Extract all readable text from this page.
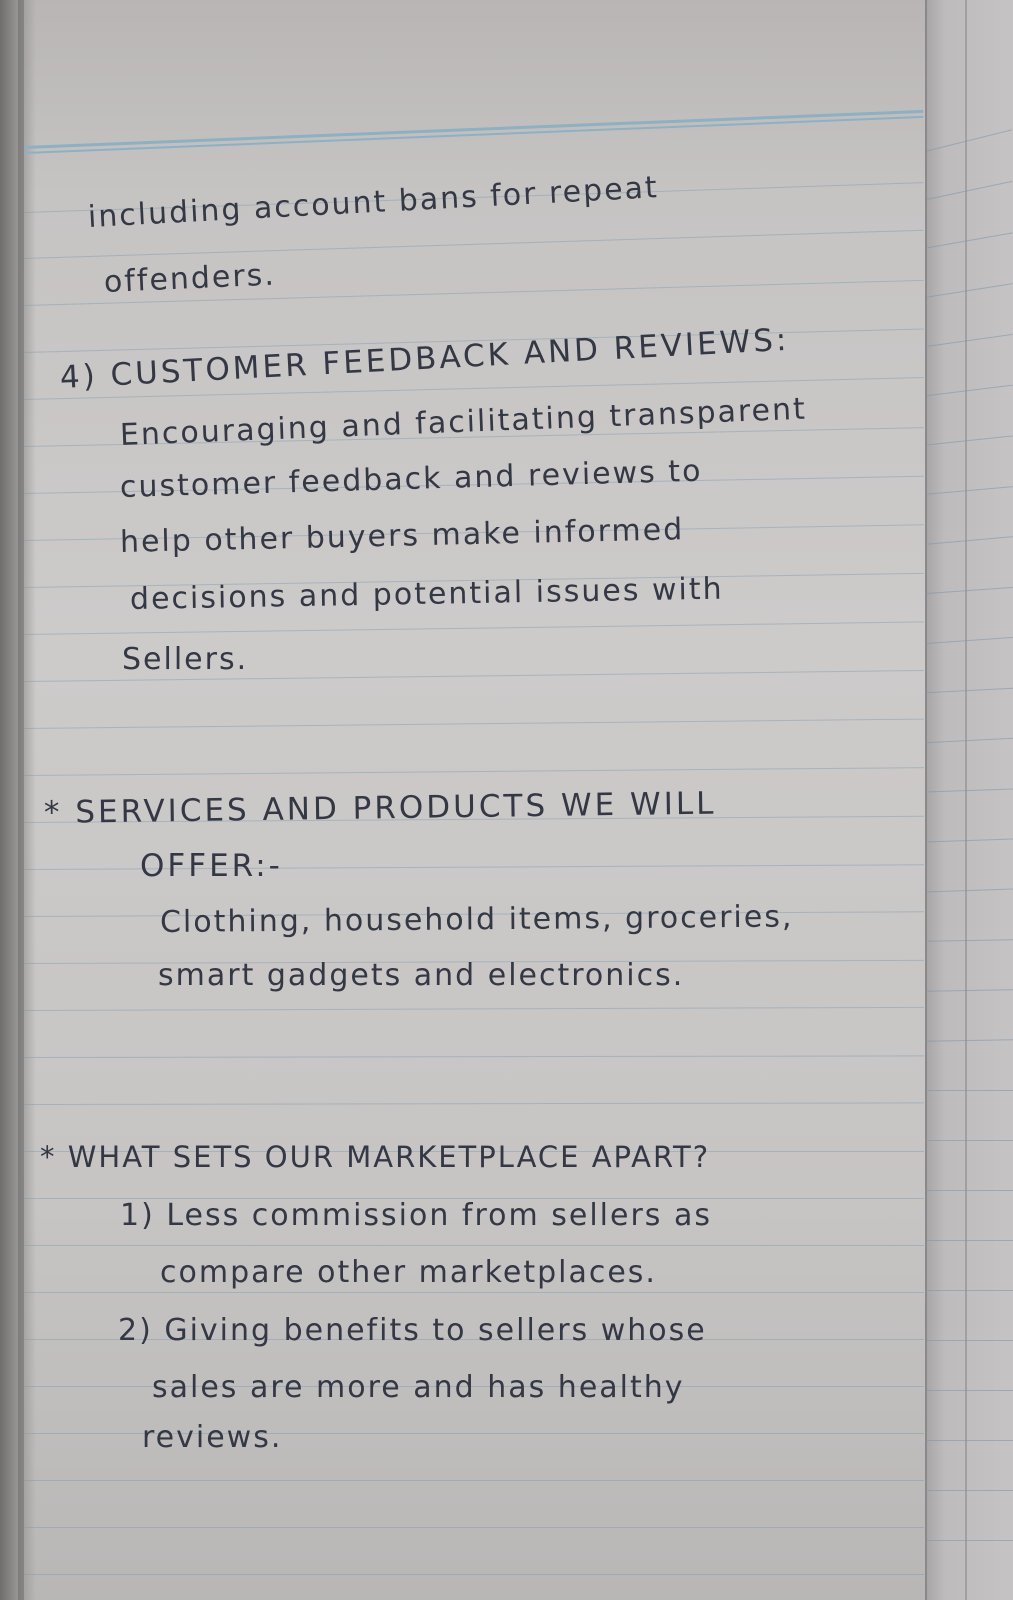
including account bans for repeat
offenders.
4) CUSTOMER FEEDBACK AND REVIEWS:
Encouraging and facilitating transparent
customer feedback and reviews to
help other buyers make informed
decisions and potential issues with
Sellers.
* SERVICES AND PRODUCTS WE WILL
OFFER:-
Clothing, household items, groceries,
smart gadgets and electronics.
* WHAT SETS OUR MARKETPLACE APART?
1) Less commission from sellers as
compare other marketplaces.
2) Giving benefits to sellers whose
sales are more and has healthy
reviews.
